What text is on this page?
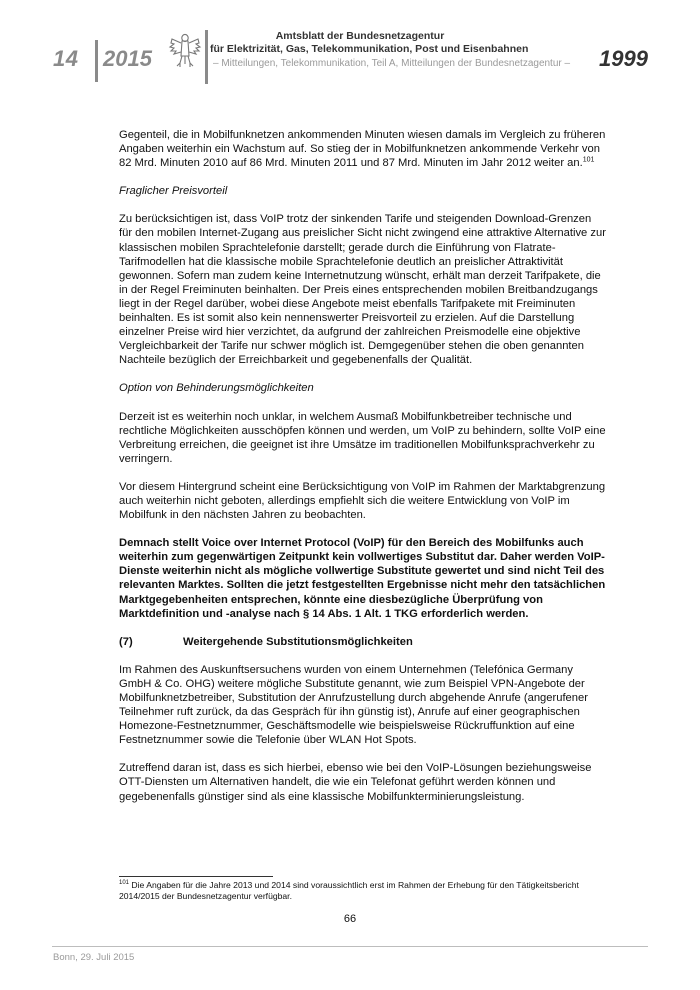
14 2015
Amtsblatt der Bundesnetzagentur
für Elektrizität, Gas, Telekommunikation, Post und Eisenbahnen
– Mitteilungen, Telekommunikation, Teil A, Mitteilungen der Bundesnetzagentur – 1999

Gegenteil, die in Mobilfunknetzen ankommenden Minuten wiesen damals im Vergleich zu früheren Angaben weiterhin ein Wachstum auf. So stieg der in Mobilfunknetzen ankommende Verkehr von 82 Mrd. Minuten 2010 auf 86 Mrd. Minuten 2011 und 87 Mrd. Minuten im Jahr 2012 weiter an.$^{101}$

Fraglicher Preisvorteil

Zu berücksichtigen ist, dass VoIP trotz der sinkenden Tarife und steigenden Download-Grenzen für den mobilen Internet-Zugang aus preislicher Sicht nicht zwingend eine attraktive Alternative zur klassischen mobilen Sprachtelefonie darstellt; gerade durch die Einführung von Flatrate-Tarifmodellen hat die klassische mobile Sprachtelefonie deutlich an preislicher Attraktivität gewonnen. Sofern man zudem keine Internetnutzung wünscht, erhält man derzeit Tarifpakete, die in der Regel Freiminuten beinhalten. Der Preis eines entsprechenden mobilen Breitbandzugangs liegt in der Regel darüber, wobei diese Angebote meist ebenfalls Tarifpakete mit Freiminuten beinhalten. Es ist somit also kein nennenswerter Preisvorteil zu erzielen. Auf die Darstellung einzelner Preise wird hier verzichtet, da aufgrund der zahlreichen Preismodelle eine objektive Vergleichbarkeit der Tarife nur schwer möglich ist. Demgegenüber stehen die oben genannten Nachteile bezüglich der Erreichbarkeit und gegebenenfalls der Qualität.

Option von Behinderungsmöglichkeiten

Derzeit ist es weiterhin noch unklar, in welchem Ausmaß Mobilfunkbetreiber technische und rechtliche Möglichkeiten ausschöpfen können und werden, um VoIP zu behindern, sollte VoIP eine Verbreitung erreichen, die geeignet ist ihre Umsätze im traditionellen Mobilfunksprachverkehr zu verringern.

Vor diesem Hintergrund scheint eine Berücksichtigung von VoIP im Rahmen der Marktabgrenzung auch weiterhin nicht geboten, allerdings empfiehlt sich die weitere Entwicklung von VoIP im Mobilfunk in den nächsten Jahren zu beobachten.

Demnach stellt Voice over Internet Protocol (VoIP) für den Bereich des Mobilfunks auch weiterhin zum gegenwärtigen Zeitpunkt kein vollwertiges Substitut dar. Daher werden VoIP-Dienste weiterhin nicht als mögliche vollwertige Substitute gewertet und sind nicht Teil des relevanten Marktes. Sollten die jetzt festgestellten Ergebnisse nicht mehr den tatsächlichen Marktgegebenheiten entsprechen, könnte eine diesbezügliche Überprüfung von Marktdefinition und -analyse nach § 14 Abs. 1 Alt. 1 TKG erforderlich werden.

(7)	Weitergehende Substitutionsmöglichkeiten

Im Rahmen des Auskunftsersuchens wurden von einem Unternehmen (Telefónica Germany GmbH & Co. OHG) weitere mögliche Substitute genannt, wie zum Beispiel VPN-Angebote der Mobilfunknetzbetreiber, Substitution der Anrufzustellung durch abgehende Anrufe (angerufener Teilnehmer ruft zurück, da das Gespräch für ihn günstig ist), Anrufe auf einer geographischen Homezone-Festnetznummer, Geschäftsmodelle wie beispielsweise Rückruffunktion auf eine Festnetznummer sowie die Telefonie über WLAN Hot Spots.

Zutreffend daran ist, dass es sich hierbei, ebenso wie bei den VoIP-Lösungen beziehungsweise OTT-Diensten um Alternativen handelt, die wie ein Telefonat geführt werden können und gegebenenfalls günstiger sind als eine klassische Mobilfunkterminierungsleistung.

$^{101}$ Die Angaben für die Jahre 2013 und 2014 sind voraussichtlich erst im Rahmen der Erhebung für den Tätigkeitsbericht 2014/2015 der Bundesnetzagentur verfügbar.
66
Bonn, 29. Juli 2015
